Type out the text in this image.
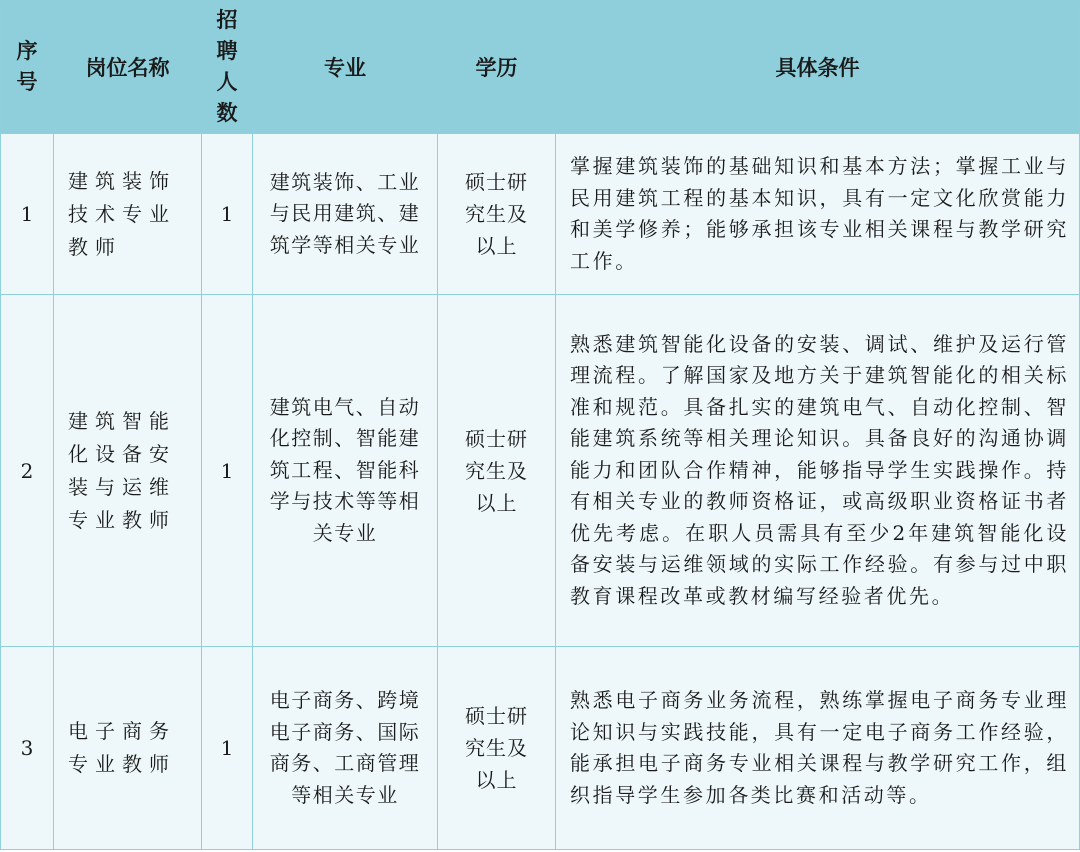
序号	岗位名称	招聘人数	专业	学历	具体条件
1	建筑装饰技术专业教师	1	建筑装饰、工业与民用建筑、建筑学等相关专业	硕士研究生及以上	掌握建筑装饰的基础知识和基本方法；掌握工业与民用建筑工程的基本知识，具有一定文化欣赏能力和美学修养；能够承担该专业相关课程与教学研究工作。
2	建筑智能化设备安装与运维专业教师	1	建筑电气、自动化控制、智能建筑工程、智能科学与技术等等相关专业	硕士研究生及以上	熟悉建筑智能化设备的安装、调试、维护及运行管理流程。了解国家及地方关于建筑智能化的相关标准和规范。具备扎实的建筑电气、自动化控制、智能建筑系统等相关理论知识。具备良好的沟通协调能力和团队合作精神，能够指导学生实践操作。持有相关专业的教师资格证，或高级职业资格证书者优先考虑。在职人员需具有至少2年建筑智能化设备安装与运维领域的实际工作经验。有参与过中职教育课程改革或教材编写经验者优先。
3	电子商务专业教师	1	电子商务、跨境电子商务、国际商务、工商管理等相关专业	硕士研究生及以上	熟悉电子商务业务流程，熟练掌握电子商务专业理论知识与实践技能，具有一定电子商务工作经验，能承担电子商务专业相关课程与教学研究工作，组织指导学生参加各类比赛和活动等。
